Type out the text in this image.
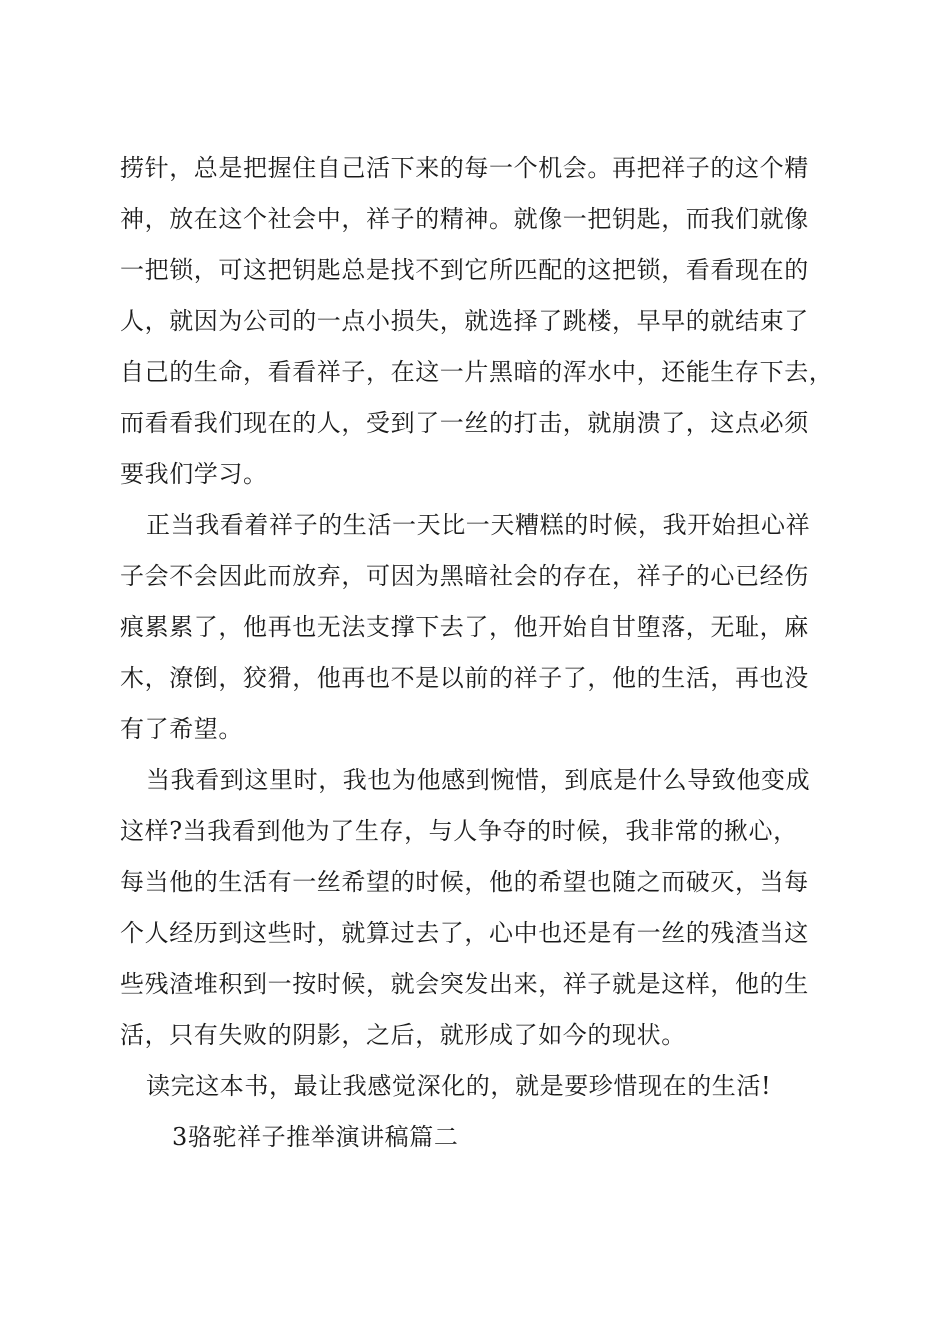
捞针，总是把握住自己活下来的每一个机会。再把祥子的这个精
神，放在这个社会中，祥子的精神。就像一把钥匙，而我们就像
一把锁，可这把钥匙总是找不到它所匹配的这把锁，看看现在的
人，就因为公司的一点小损失，就选择了跳楼，早早的就结束了
自己的生命，看看祥子，在这一片黑暗的浑水中，还能生存下去，
而看看我们现在的人，受到了一丝的打击，就崩溃了，这点必须
要我们学习。
正当我看着祥子的生活一天比一天糟糕的时候，我开始担心祥
子会不会因此而放弃，可因为黑暗社会的存在，祥子的心已经伤
痕累累了，他再也无法支撑下去了，他开始自甘堕落，无耻，麻
木，潦倒，狡猾，他再也不是以前的祥子了，他的生活，再也没
有了希望。
当我看到这里时，我也为他感到惋惜，到底是什么导致他变成
这样?当我看到他为了生存，与人争夺的时候，我非常的揪心，
每当他的生活有一丝希望的时候，他的希望也随之而破灭，当每
个人经历到这些时，就算过去了，心中也还是有一丝的残渣当这
些残渣堆积到一按时候，就会突发出来，祥子就是这样，他的生
活，只有失败的阴影，之后，就形成了如今的现状。
读完这本书，最让我感觉深化的，就是要珍惜现在的生活!
3骆驼祥子推举演讲稿篇二
